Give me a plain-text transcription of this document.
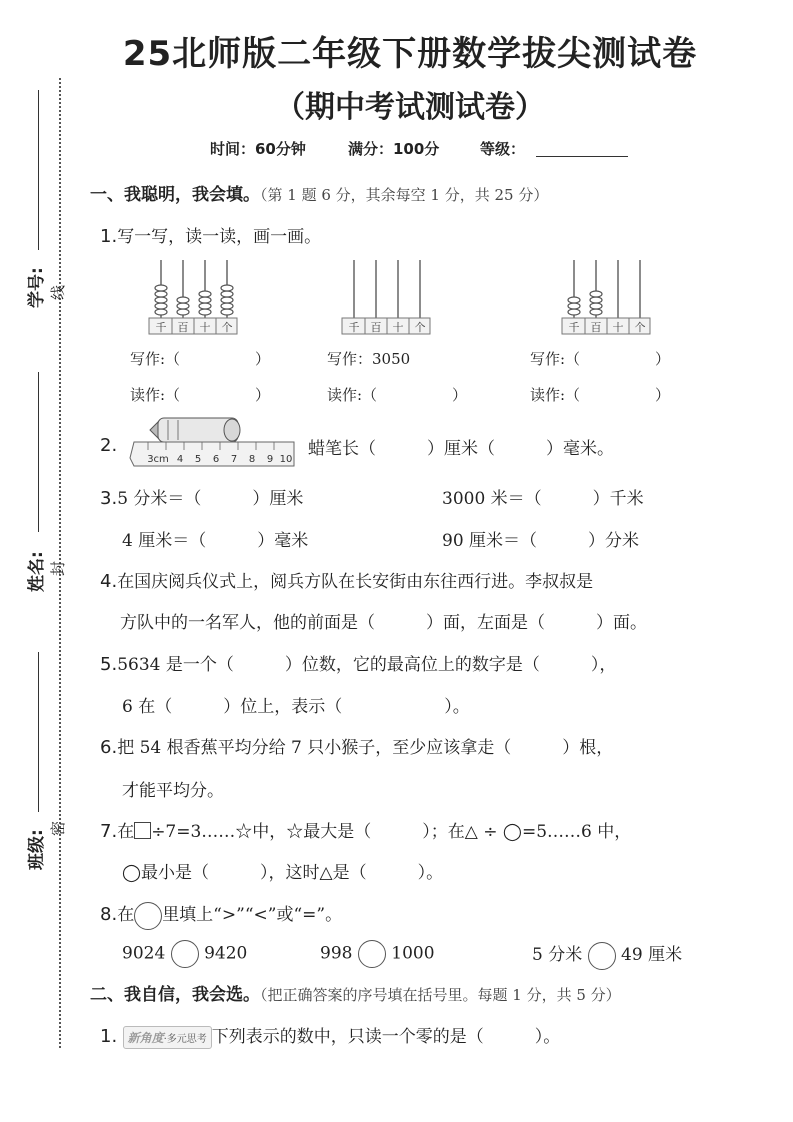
学号: 线
姓名: 封
班级:
密
25北师版二年级下册数学拔尖测试卷
（期中考试测试卷）
时间：60分钟	满分：100分	等级：
一、我聪明，我会填。（第 1 题 6 分，其余每空 1 分，共 25 分）
1.写一写，读一读，画一画。
千 百 十 个	千 百 十 个	千 百 十 个
写作:（　　　　　）	写作：3050	写作:（　　　　　）
读作:（　　　　　）	读作:（　　　　　）	读作:（　　　　　）
2.
3cm 4 5 6 7 8 9 10
蜡笔长（　　　）厘米（　　　）毫米。
3.5 分米＝（　　　）厘米	3000 米＝（　　　）千米
4 厘米＝（　　　）毫米	90 厘米＝（　　　）分米
4.在国庆阅兵仪式上，阅兵方队在长安街由东往西行进。李叔叔是
方队中的一名军人，他的前面是（　　　）面，左面是（　　　）面。
5.5634 是一个（　　　）位数，它的最高位上的数字是（　　　），
6 在（　　　）位上，表示（　　　　　　）。
6.把 54 根香蕉平均分给 7 只小猴子，至少应该拿走（　　　）根，
才能平均分。
7.在 ÷7=3……☆中，☆最大是（　　　）；在△ ÷ ◯=5……6 中，
◯最小是（　　　），这时△是（　　　）。
8.在 里填上“>”“<”或“=”。
9024 9420	998 1000	5 分米 49 厘米
二、我自信，我会选。（把正确答案的序号填在括号里。每题 1 分，共 5 分）
1. 新角度·多元思考 下列表示的数中，只读一个零的是（　　　）。
